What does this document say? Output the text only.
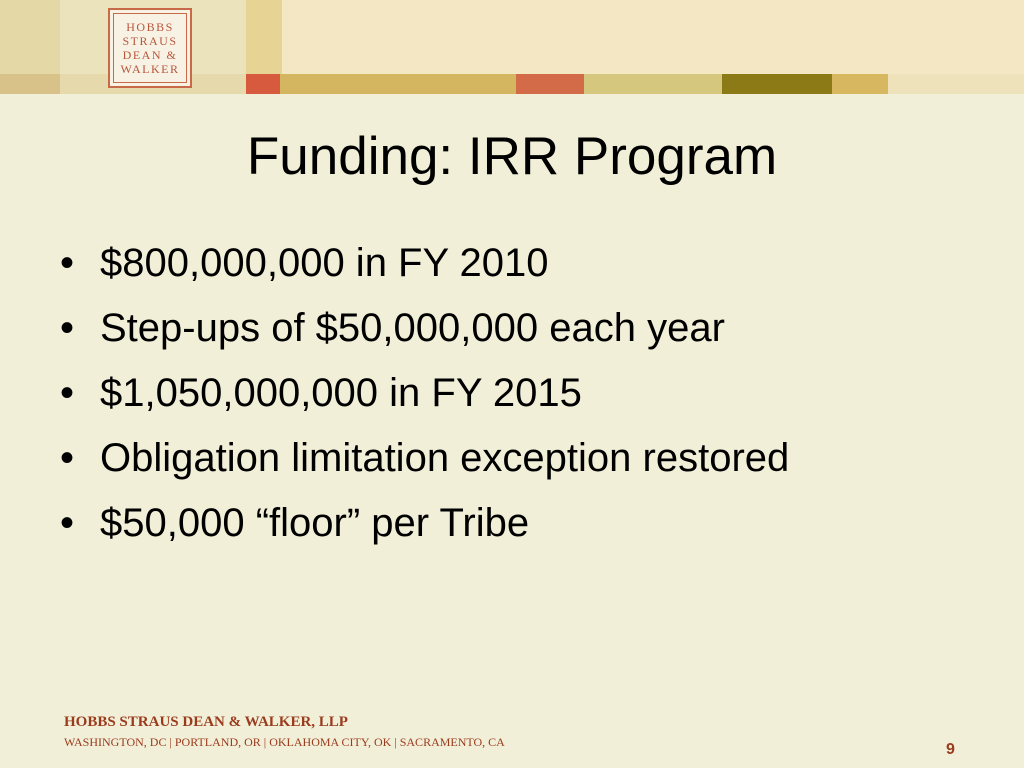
HOBBS
STRAUS
DEAN &
WALKER
Funding: IRR Program
• $800,000,000 in FY 2010
• Step-ups of $50,000,000 each year
• $1,050,000,000 in FY 2015
• Obligation limitation exception restored
• $50,000 “floor” per Tribe
HOBBS STRAUS DEAN & WALKER, LLP
WASHINGTON, DC | PORTLAND, OR | OKLAHOMA CITY, OK | SACRAMENTO, CA	9
